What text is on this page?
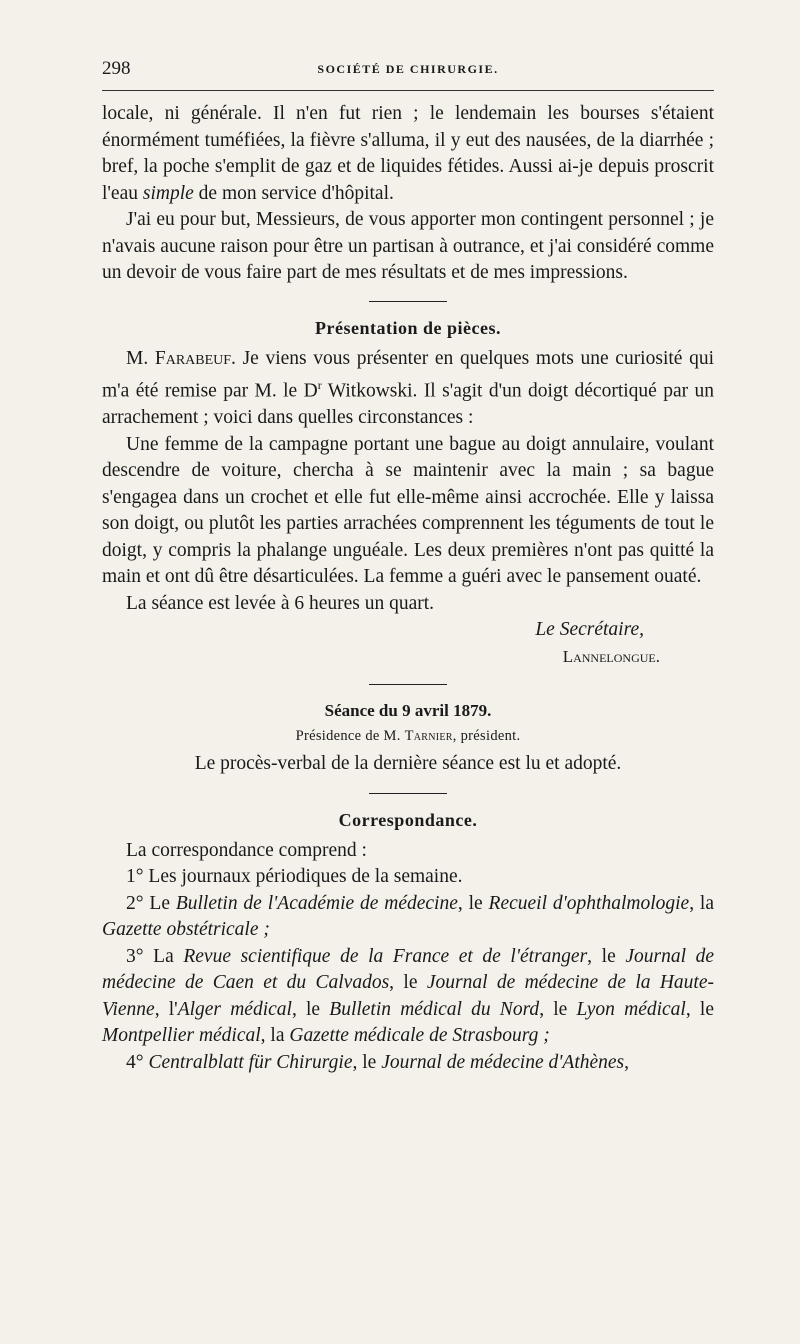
298	SOCIÉTÉ DE CHIRURGIE.

locale, ni générale. Il n'en fut rien ; le lendemain les bourses s'étaient énormément tuméfiées, la fièvre s'alluma, il y eut des nausées, de la diarrhée ; bref, la poche s'emplit de gaz et de liquides fétides. Aussi ai-je depuis proscrit l'eau simple de mon service d'hôpital.

J'ai eu pour but, Messieurs, de vous apporter mon contingent personnel ; je n'avais aucune raison pour être un partisan à outrance, et j'ai considéré comme un devoir de vous faire part de mes résultats et de mes impressions.

Présentation de pièces.

M. Farabeuf. Je viens vous présenter en quelques mots une curiosité qui m'a été remise par M. le $D^r$ Witkowski. Il s'agit d'un doigt décortiqué par un arrachement ; voici dans quelles circonstances :

Une femme de la campagne portant une bague au doigt annulaire, voulant descendre de voiture, chercha à se maintenir avec la main ; sa bague s'engagea dans un crochet et elle fut elle-même ainsi accrochée. Elle y laissa son doigt, ou plutôt les parties arrachées comprennent les téguments de tout le doigt, y compris la phalange unguéale. Les deux premières n'ont pas quitté la main et ont dû être désarticulées. La femme a guéri avec le pansement ouaté.

La séance est levée à 6 heures un quart.

Le Secrétaire,
Lannelongue.
Séance du 9 avril 1879.
Présidence de M. Tarnier, président.
Le procès-verbal de la dernière séance est lu et adopté.
Correspondance.

La correspondance comprend :

1° Les journaux périodiques de la semaine.

2° Le Bulletin de l'Académie de médecine, le Recueil d'ophthalmologie, la Gazette obstétricale ;

3° La Revue scientifique de la France et de l'étranger, le Journal de médecine de Caen et du Calvados, le Journal de médecine de la Haute-Vienne, l'Alger médical, le Bulletin médical du Nord, le Lyon médical, le Montpellier médical, la Gazette médicale de Strasbourg ;

4° Centralblatt für Chirurgie, le Journal de médecine d'Athènes,
